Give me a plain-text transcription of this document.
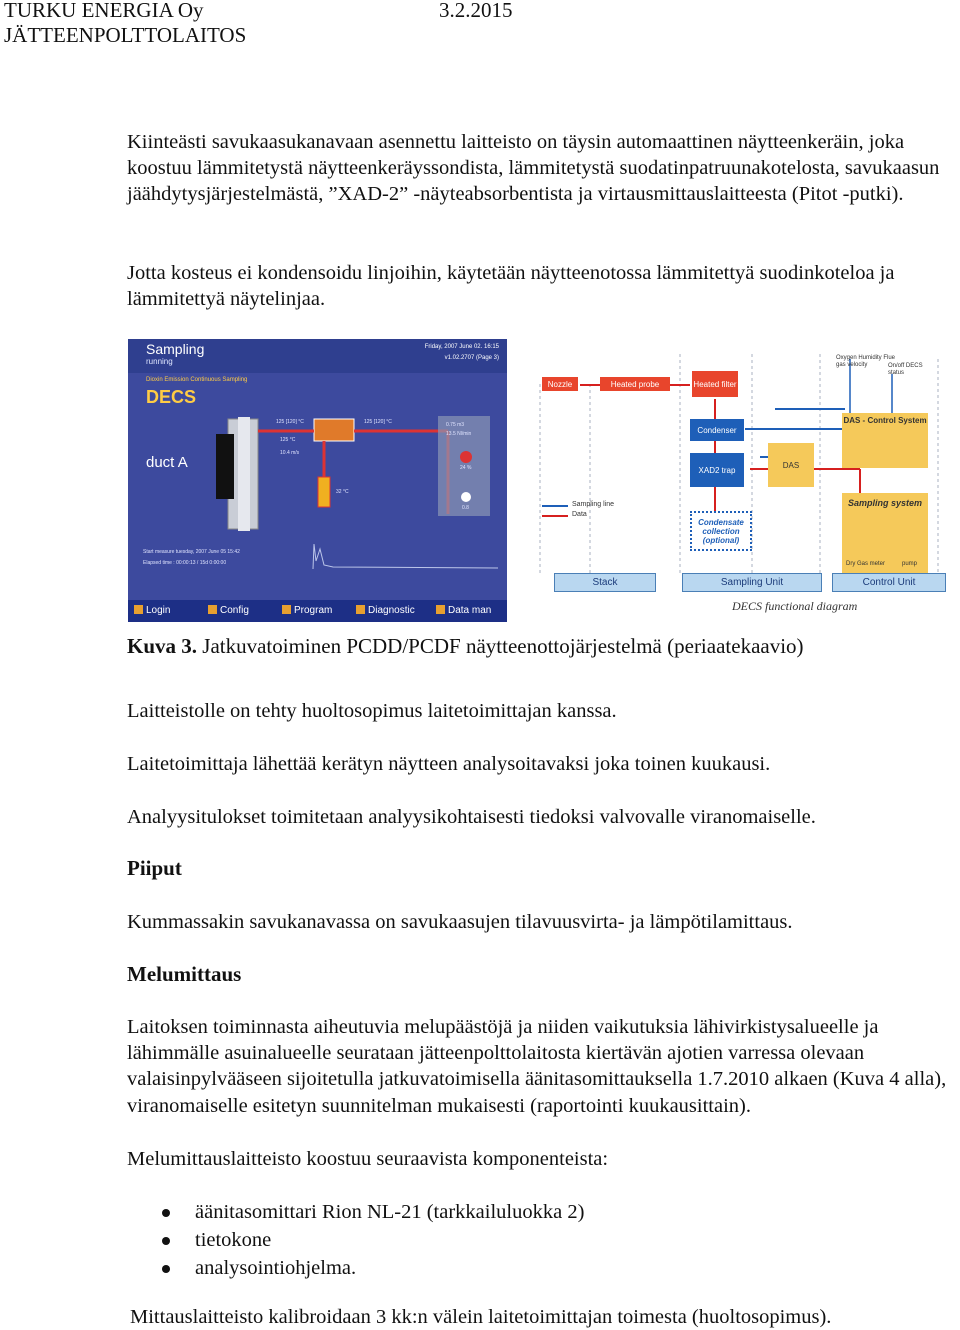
TURKU ENERGIA Oy
JÄTTEENPOLTTOLAITOS
3.2.2015

Kiinteästi savukaasukanavaan asennettu laitteisto on täysin automaattinen näytteenkeräin, joka koostuu lämmitetystä näytteenkeräyssondista, lämmitetystä suodatinpatruunakotelosta, savukaasun jäähdytysjärjestelmästä, ”XAD-2” -näyteabsorbentista ja virtausmittauslaitteesta (Pitot -putki).

Jotta kosteus ei kondensoidu linjoihin, käytetään näytteenotossa lämmitettyä suodinkoteloa ja lämmitettyä näytelinjaa.

Sampling
running
Friday, 2007 June 02. 16:15
v1.02.2707 (Page 3)
Dioxin Emission Continuous Sampling
DECS
duct A
125 [120] °C	125 [120] °C
125 °C
10.4 m/s
32 °C
0.75 m3
13.5 Nl/min
24 %
0.8
Start measure tuesday, 2007 June 05 15:42
Elapsed time : 00:00:13 / 15d 0:00:00
Login	Config	Program	Diagnostic	Data man
Nozzle	Heated probe	Heated filter
Condenser
XAD2 trap
DAS
DAS - Control System
Sampling system
Condensate collection (optional)
Sampling line
Data
Oxygen Humidity Flue gas velocity	On/off DECS status
Dry Gas meter	pump
Stack	Sampling Unit	Control Unit
DECS functional diagram
Kuva 3. Jatkuvatoiminen PCDD/PCDF näytteenottojärjestelmä (periaatekaavio)

Laitteistolle on tehty huoltosopimus laitetoimittajan kanssa.

Laitetoimittaja lähettää kerätyn näytteen analysoitavaksi joka toinen kuukausi.

Analyysitulokset toimitetaan analyysikohtaisesti tiedoksi valvovalle viranomaiselle.

Piiput

Kummassakin savukanavassa on savukaasujen tilavuusvirta- ja lämpötilamittaus.

Melumittaus

Laitoksen toiminnasta aiheutuvia melupäästöjä ja niiden vaikutuksia lähivirkistysalueelle ja lähimmälle asuinalueelle seurataan jätteenpolttolaitosta kiertävän ajotien varressa olevaan valaisinpylvääseen sijoitetulla jatkuvatoimisella äänitasomittauksella 1.7.2010 alkaen (Kuva 4 alla), viranomaiselle esitetyn suunnitelman mukaisesti (raportointi kuukausittain).

Melumittauslaitteisto koostuu seuraavista komponenteista:

äänitasomittari Rion NL-21 (tarkkailuluokka 2)
tietokone
analysointiohjelma.

Mittauslaitteisto kalibroidaan 3 kk:n välein laitetoimittajan toimesta (huoltosopimus).
